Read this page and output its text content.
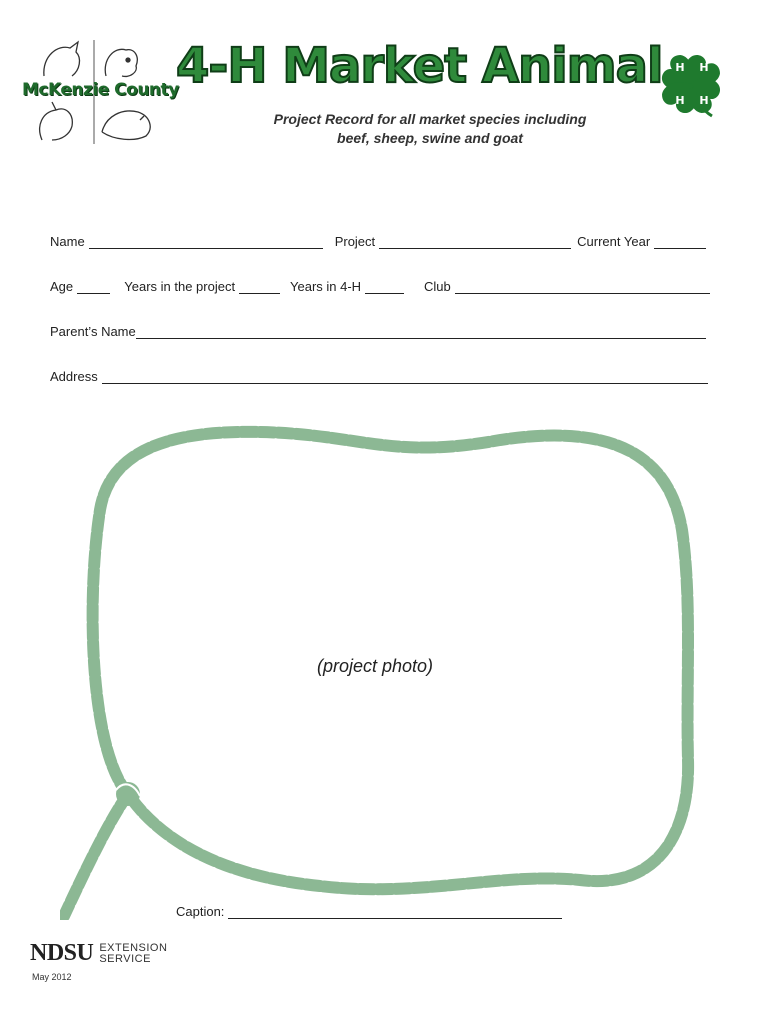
McKenzie County
4-H Market Animal H H
H H
Project Record for all market species including
beef, sheep, swine and goat
Name	Project	Current Year
Age	Years in the project	Years in 4-H	Club
Parent’s Name
Address
(project photo)
Caption:
NDSU EXTENSION
SERVICE
May 2012
